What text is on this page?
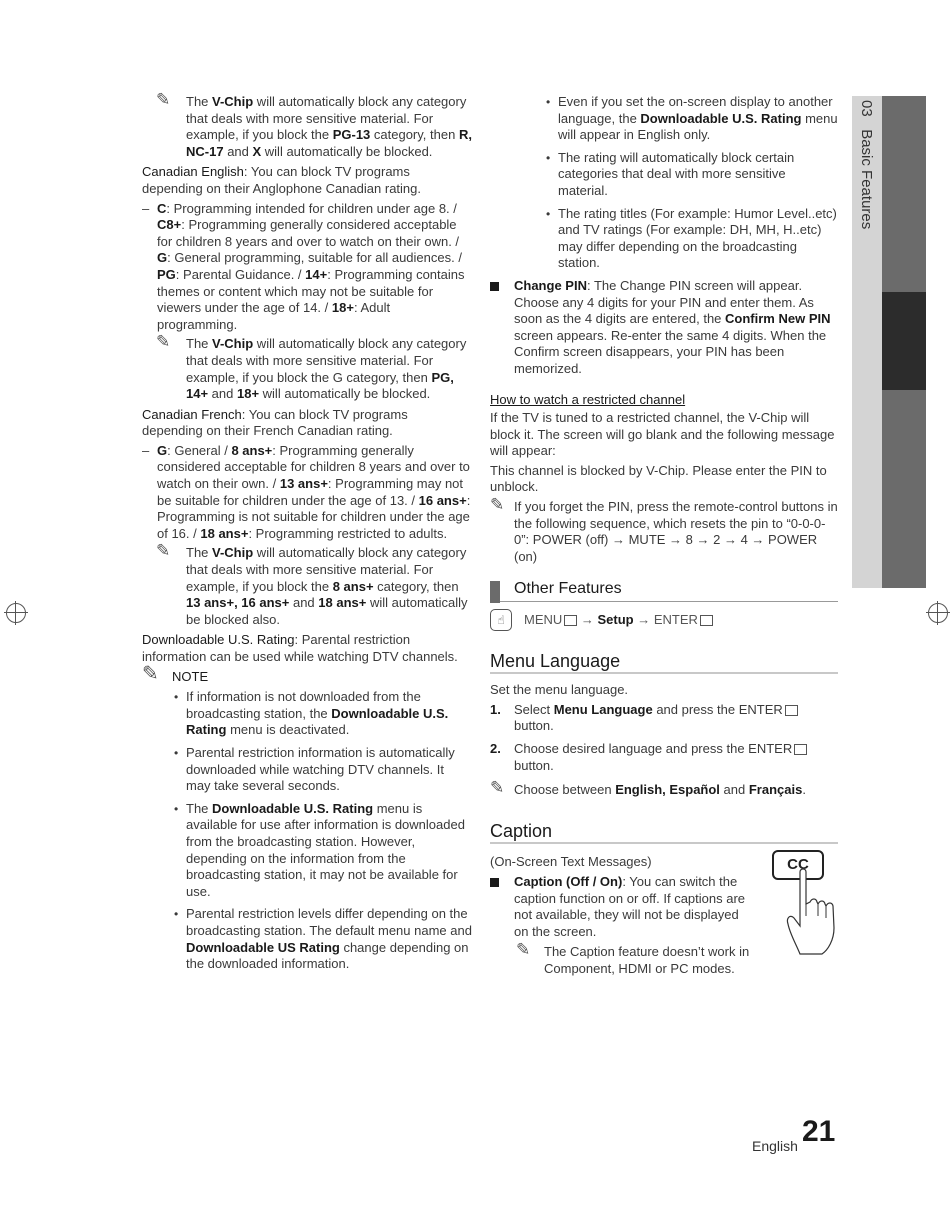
03   Basic Features

✎ The V-Chip will automatically block any category that deals with more sensitive material. For example, if you block the PG-13 category, then R, NC-17 and X will automatically be blocked.

Canadian English: You can block TV programs depending on their Anglophone Canadian rating.

– C: Programming intended for children under age 8. / C8+: Programming generally considered acceptable for children 8 years and over to watch on their own. / G: General programming, suitable for all audiences. / PG: Parental Guidance. / 14+: Programming contains themes or content which may not be suitable for viewers under the age of 14. / 18+: Adult programming.

✎ The V-Chip will automatically block any category that deals with more sensitive material. For example, if you block the G category, then PG, 14+ and 18+ will automatically be blocked.

Canadian French: You can block TV programs depending on their French Canadian rating.

– G: General / 8 ans+: Programming generally considered acceptable for children 8 years and over to watch on their own. / 13 ans+: Programming may not be suitable for children under the age of 13. / 16 ans+: Programming is not suitable for children under the age of 16. / 18 ans+: Programming restricted to adults.

✎ The V-Chip will automatically block any category that deals with more sensitive material. For example, if you block the 8 ans+ category, then 13 ans+, 16 ans+ and 18 ans+ will automatically be blocked also.

Downloadable U.S. Rating: Parental restriction information can be used while watching DTV channels.

✎ NOTE

• If information is not downloaded from the broadcasting station, the Downloadable U.S. Rating menu is deactivated.

• Parental restriction information is automatically downloaded while watching DTV channels. It may take several seconds.

• The Downloadable U.S. Rating menu is available for use after information is downloaded from the broadcasting station. However, depending on the information from the broadcasting station, it may not be available for use.

• Parental restriction levels differ depending on the broadcasting station. The default menu name and Downloadable US Rating change depending on the downloaded information.

• Even if you set the on-screen display to another language, the Downloadable U.S. Rating menu will appear in English only.

• The rating will automatically block certain categories that deal with more sensitive material.

• The rating titles (For example: Humor Level..etc) and TV ratings (For example: DH, MH, H..etc) may differ depending on the broadcasting station.

Change PIN: The Change PIN screen will appear. Choose any 4 digits for your PIN and enter them. As soon as the 4 digits are entered, the Confirm New PIN screen appears. Re-enter the same 4 digits. When the Confirm screen disappears, your PIN has been memorized.

How to watch a restricted channel

If the TV is tuned to a restricted channel, the V-Chip will block it. The screen will go blank and the following message will appear:

This channel is blocked by V-Chip. Please enter the PIN to unblock.

✎ If you forget the PIN, press the remote-control buttons in the following sequence, which resets the pin to “0-0-0-0”: POWER (off) → MUTE → 8 → 2 → 4 → POWER (on)

Other Features

☝	MENU → Setup → ENTER

Menu Language

Set the menu language.

1. Select Menu Language and press the ENTER button.

2. Choose desired language and press the ENTER button.

✎ Choose between English, Español and Français.

Caption

(On-Screen Text Messages)

Caption (Off / On): You can switch the caption function on or off. If captions are not available, they will not be displayed on the screen.

✎ The Caption feature doesn’t work in Component, HDMI or PC modes.

CC
English 21
